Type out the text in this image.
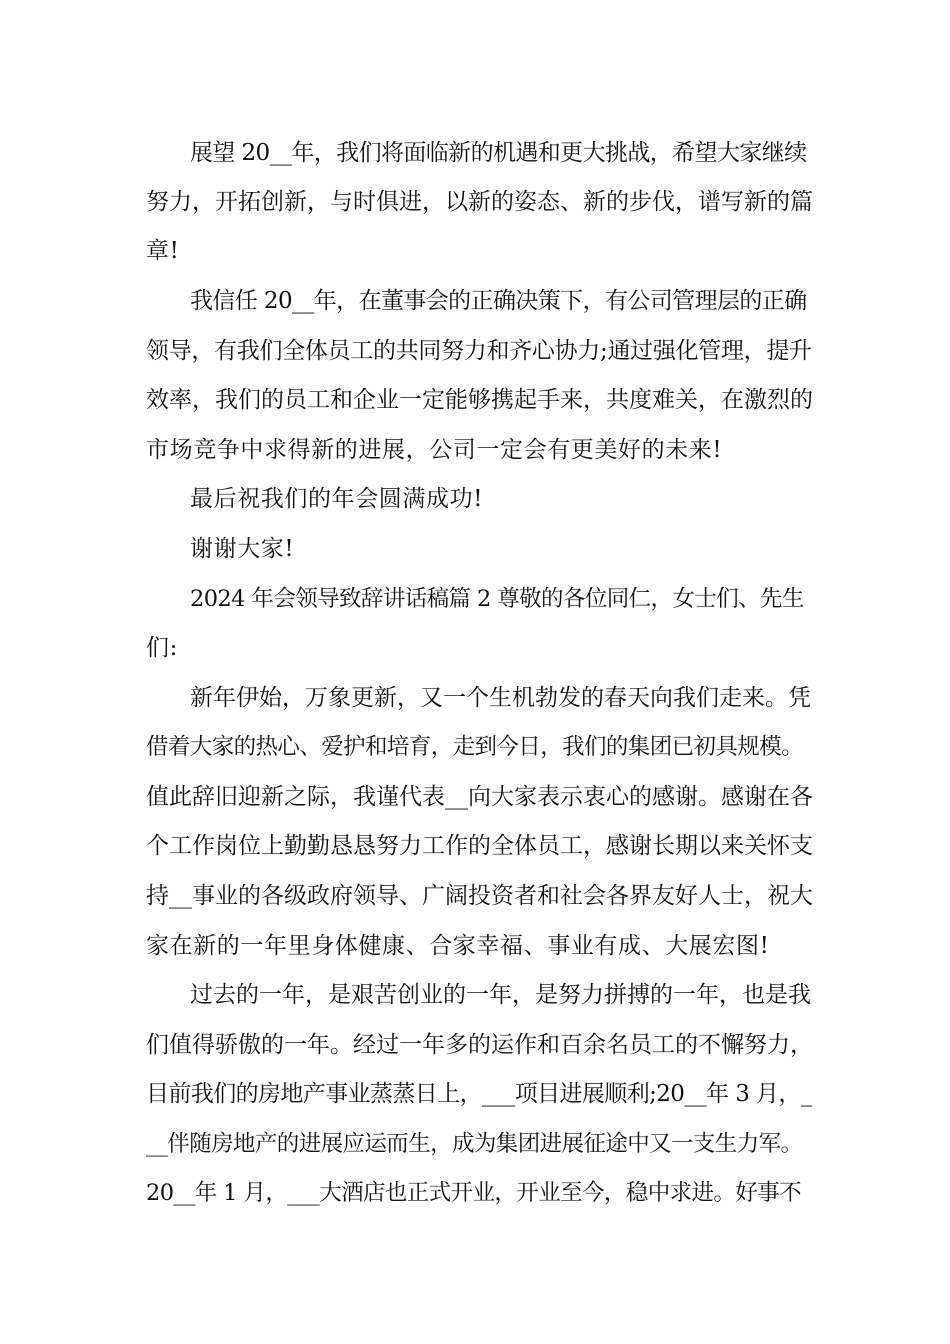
展望 20__年，我们将面临新的机遇和更大挑战，希望大家继续

努力，开拓创新，与时俱进，以新的姿态、新的步伐，谱写新的篇

章!

我信任 20__年，在董事会的正确决策下，有公司管理层的正确

领导，有我们全体员工的共同努力和齐心协力;通过强化管理，提升

效率，我们的员工和企业一定能够携起手来，共度难关，在激烈的

市场竞争中求得新的进展，公司一定会有更美好的未来!

最后祝我们的年会圆满成功!

谢谢大家!

2024 年会领导致辞讲话稿篇 2 尊敬的各位同仁，女士们、先生

们:

新年伊始，万象更新，又一个生机勃发的春天向我们走来。凭

借着大家的热心、爱护和培育，走到今日，我们的集团已初具规模。

值此辞旧迎新之际，我谨代表__向大家表示衷心的感谢。感谢在各

个工作岗位上勤勤恳恳努力工作的全体员工，感谢长期以来关怀支

持__事业的各级政府领导、广阔投资者和社会各界友好人士，祝大

家在新的一年里身体健康、合家幸福、事业有成、大展宏图!

过去的一年，是艰苦创业的一年，是努力拼搏的一年，也是我

们值得骄傲的一年。经过一年多的运作和百余名员工的不懈努力，

目前我们的房地产事业蒸蒸日上，___项目进展顺利;20__年 3 月，_

__伴随房地产的进展应运而生，成为集团进展征途中又一支生力军。

20__年 1 月，___大酒店也正式开业，开业至今，稳中求进。好事不
